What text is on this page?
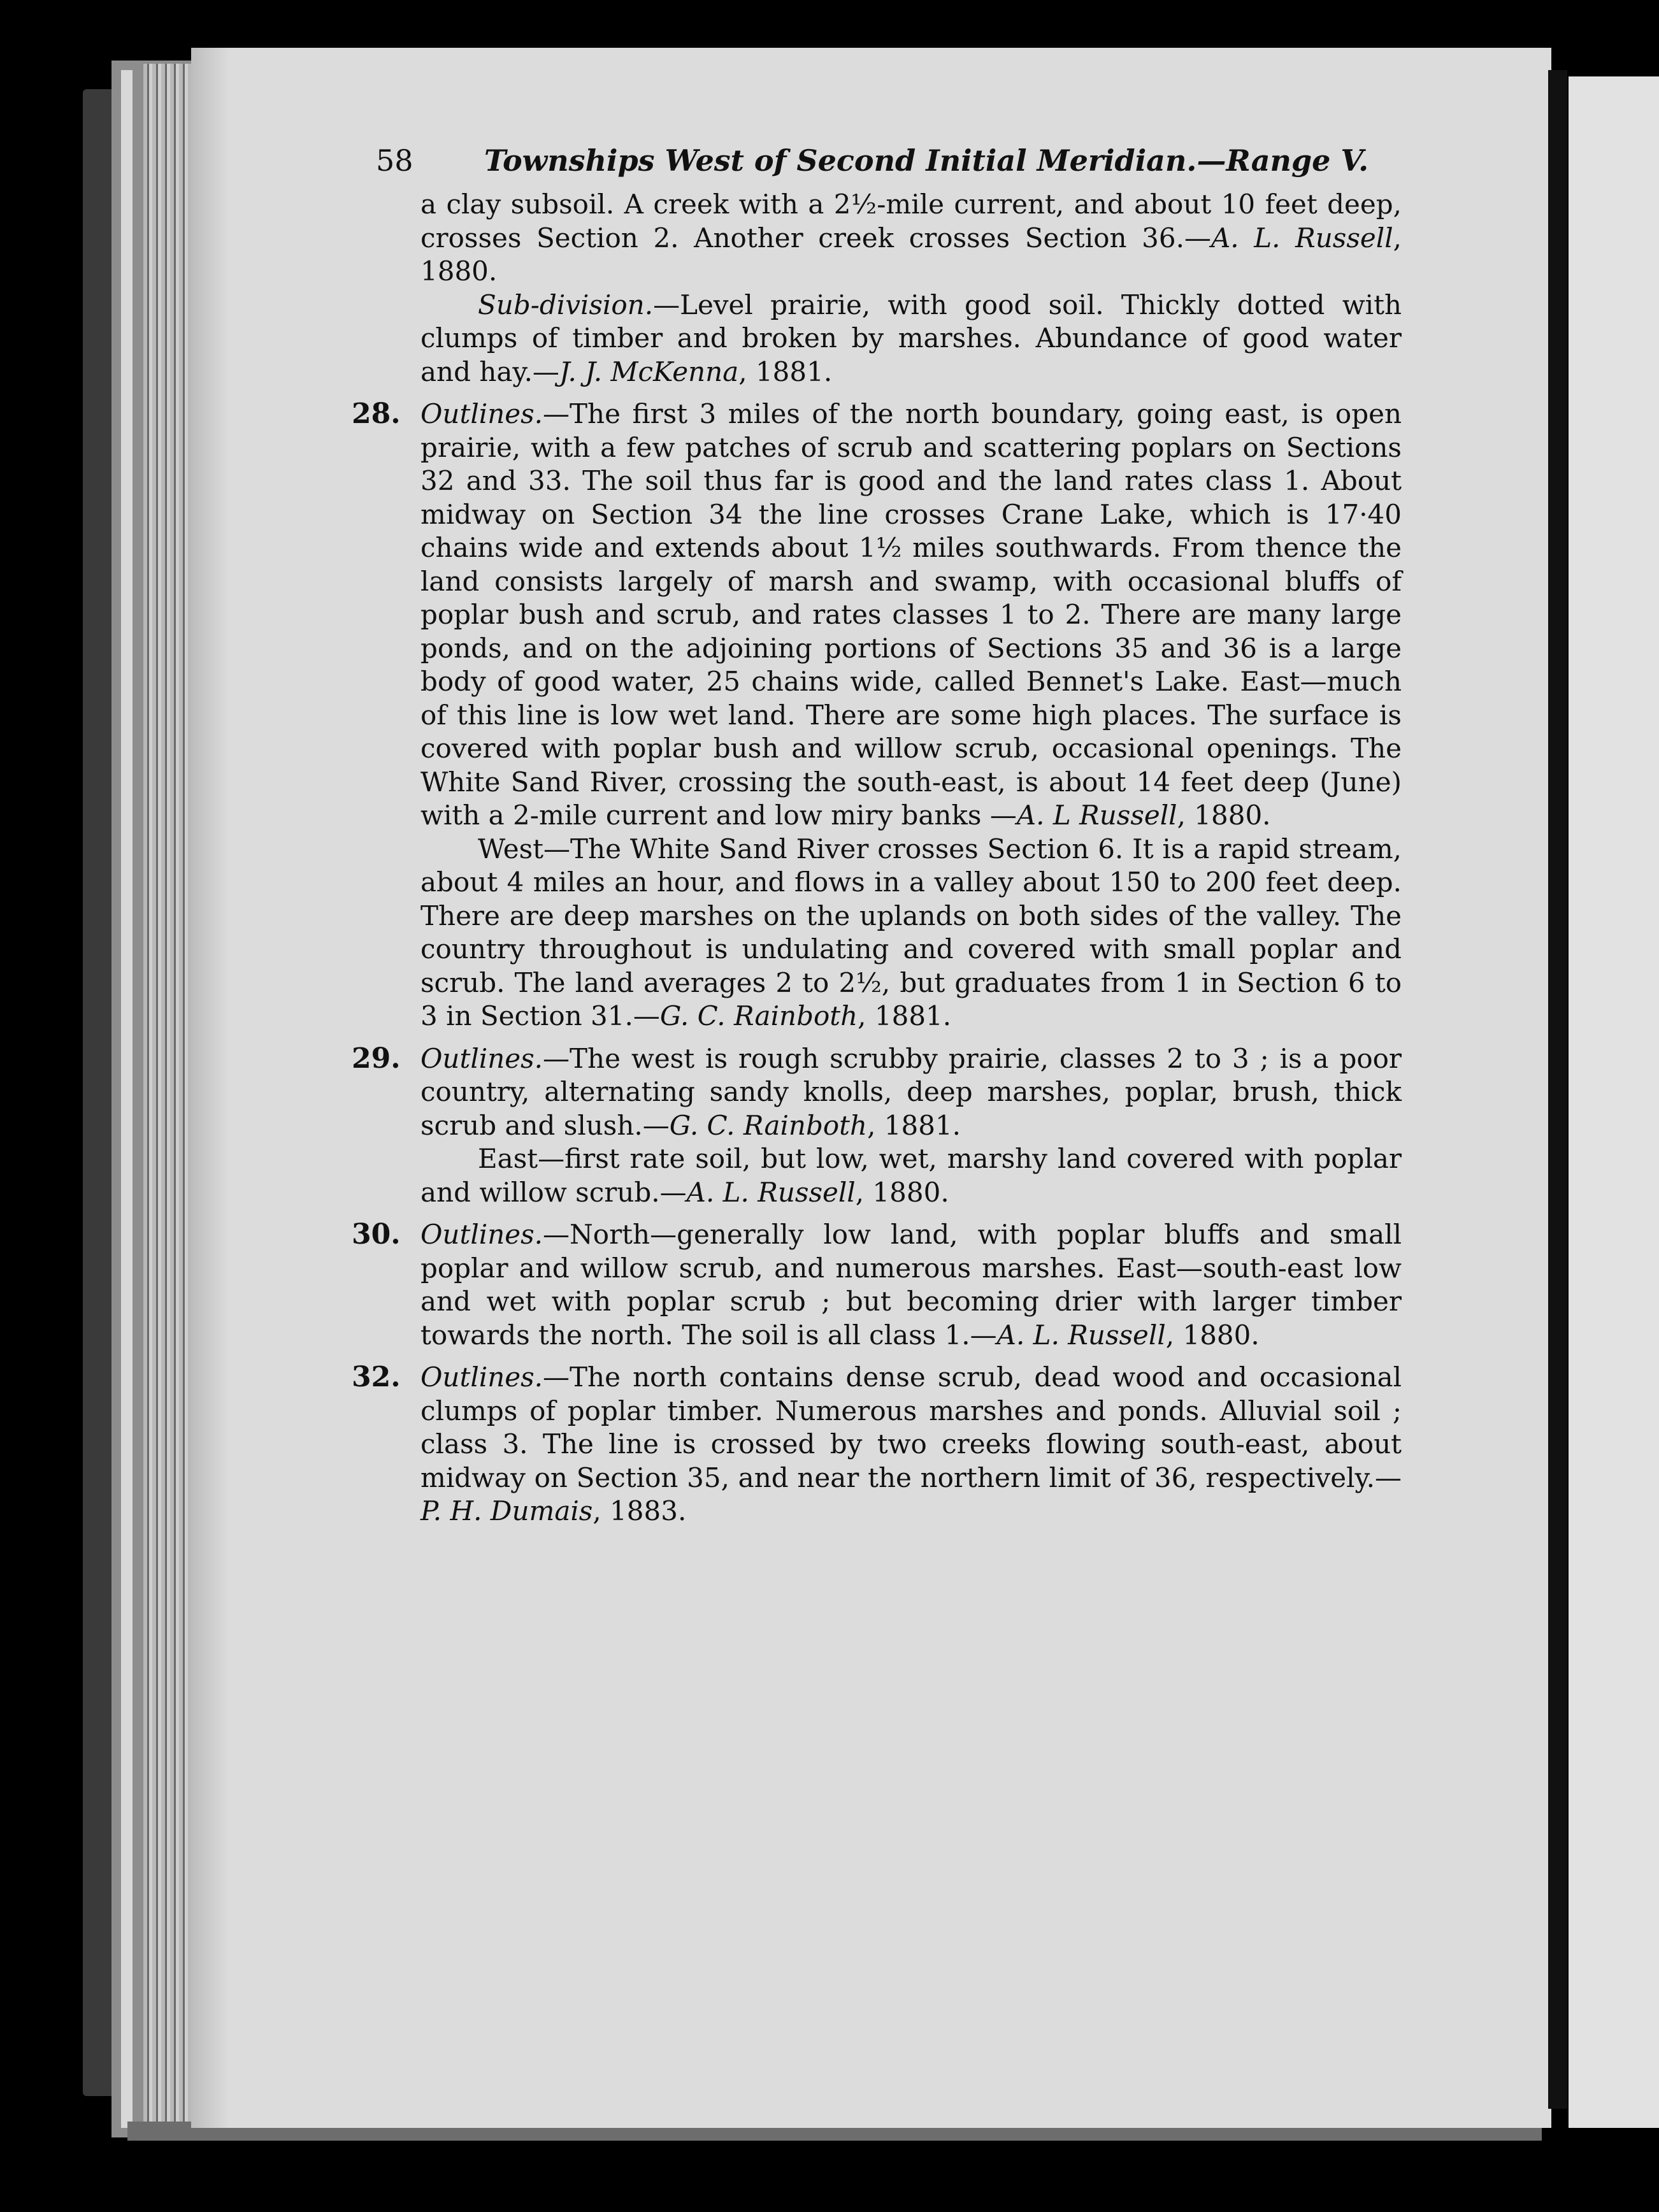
58 Townships West of Second Initial Meridian.—Range V.

a clay subsoil. A creek with a 2½-mile current, and about 10 feet deep, crosses Section 2​. Another creek crosses Section 36.—A. L. Russell, 1880.

Sub-division.—Level prairie, with good soil. Thickly dotted with clumps of timber and broken by marshes. Abundance of good water and hay.—J. J. McKenna, 1881.

28. Outlines.—The first 3 miles of the north boundary, going east, is open prairie, with a few patches of scrub and scattering poplars on Sections 32 and 33. The soil thus far is good and the land rates class 1. About midway on Section 34 the line crosses Crane Lake, which is 17·40 chains wide and extends about 1½ miles southwards. From thence the land consists largely of marsh and swamp, with occasional bluffs of poplar bush and scrub, and rates classes 1 to 2. There are many large ponds, and on the adjoining portions of Sections 35 and 36 is a large body of good water, 25 chains wide, called Bennet's Lake. East—much of this line is low wet land. There are some high places. The surface is covered with poplar bush and willow scrub, occasional openings. The White Sand River, crossing the south-east, is about 14 feet deep (June) with a 2-mile current and low miry banks —A. L Russell, 1880.

West—The White Sand River crosses Section 6. It is a rapid stream, about 4 miles an hour, and flows in a valley about 150 to 200 feet deep. There are deep marshes on the uplands on both sides of the valley. The country throughout is undulating and covered with small poplar and scrub. The land averages 2 to 2½, but graduates from 1 in Section 6 to 3 in Section 31.—G. C. Rainboth, 1881.

29. Outlines.—The west is rough scrubby prairie, classes 2 to 3 ; is a poor country, alternating sandy knolls, deep marshes, poplar, brush, thick scrub and slush.—G. C. Rainboth, 1881.

East—first rate soil, but low, wet, marshy land covered with poplar and willow scrub.—A. L. Russell, 1880.

30. Outlines.—North—generally low land, with poplar bluffs and small poplar and willow scrub, and numerous marshes. East—south-east low and wet with poplar scrub ; but becoming drier with larger timber towards the north. The soil is all class 1.—A. L. Russell, 1880.

32. Outlines.—The north contains dense scrub, dead wood and occasional clumps of poplar timber. Numerous marshes and ponds. Alluvial soil ; class 3. The line is crossed by two creeks flowing south-east, about midway on Section 35, and near the northern limit of 36, respectively.—P. H. Dumais, 1883.
